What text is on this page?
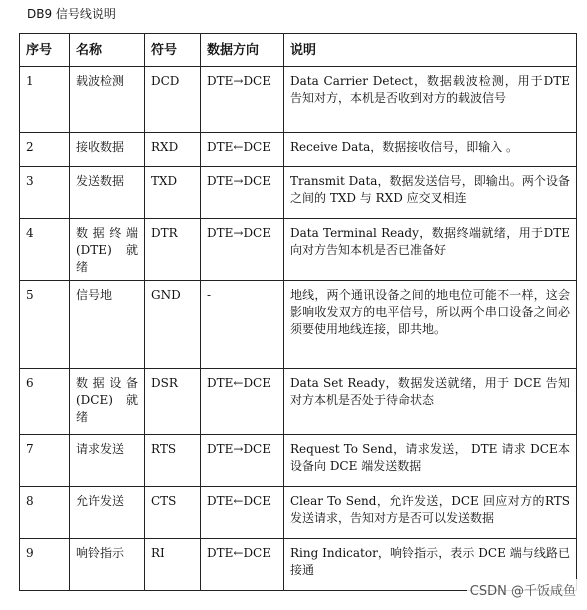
DB9 信号线说明
序号	名称	符号	数据方向	说明
1	载波检测	DCD	DTE→DCE	Data Carrier Detect，数据载波检测，用于DTE 告知对方，本机是否收到对方的载波信号
2	接收数据	RXD	DTE←DCE	Receive Data，数据接收信号，即输入 。
3	发送数据	TXD	DTE→DCE	Transmit Data，数据发送信号，即输出。两个设备之间的 TXD 与 RXD 应交叉相连
4	数据终端(DTE) 就绪	DTR	DTE→DCE	Data Terminal Ready，数据终端就绪，用于DTE 向对方告知本机是否已准备好
5	信号地	GND	-	地线，两个通讯设备之间的地电位可能不一样，这会影响收发双方的电平信号，所以两个串口设备之间必须要使用地线连接，即共地。
6	数据设备(DCE) 就绪	DSR	DTE←DCE	Data Set Ready，数据发送就绪，用于 DCE 告知对方本机是否处于待命状态
7	请求发送	RTS	DTE→DCE	Request To Send，请求发送， DTE 请求 DCE本设备向 DCE 端发送数据
8	允许发送	CTS	DTE←DCE	Clear To Send，允许发送，DCE 回应对方的RTS 发送请求，告知对方是否可以发送数据
9	响铃指示	RI	DTE←DCE	Ring Indicator，响铃指示，表示 DCE 端与线路已接通
CSDN @千饭咸鱼
